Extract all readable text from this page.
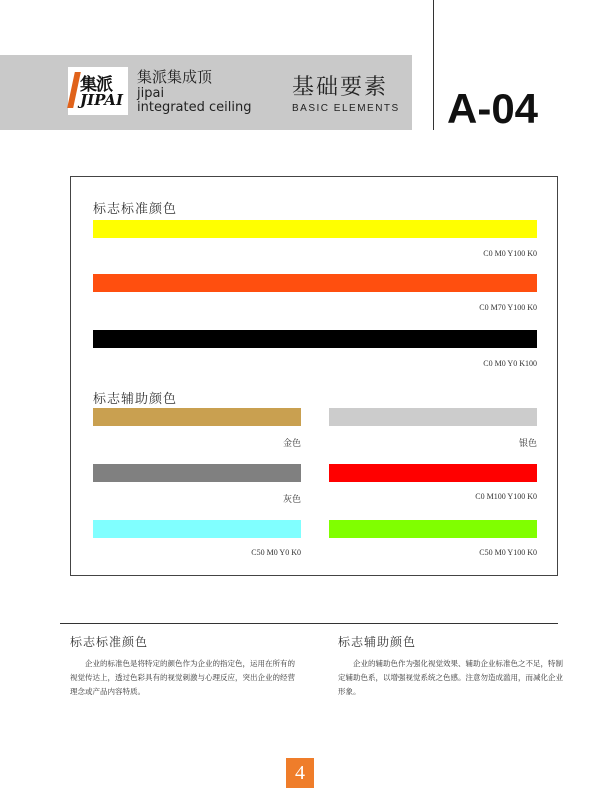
集派
JIPAI
集派集成顶
jipai
integrated ceiling
基础要素
BASIC ELEMENTS A-04
标志标准颜色
C0 M0 Y100 K0
C0 M70 Y100 K0
C0 M0 Y0 K100
标志辅助颜色
金色	银色
灰色	C0 M100 Y100 K0
C50 M0 Y0 K0	C50 M0 Y100 K0
标志标准颜色
企业的标准色是将特定的颜色作为企业的指定色，运用在所有的视觉传达上，透过色彩具有的视觉刺激与心理反应，突出企业的经营理念或产品内容特质。
标志辅助颜色
企业的辅助色作为强化视觉效果、辅助企业标准色之不足，特制定辅助色系，以增强视觉系统之色感。注意勿造成滥用，而减化企业形象。
4
